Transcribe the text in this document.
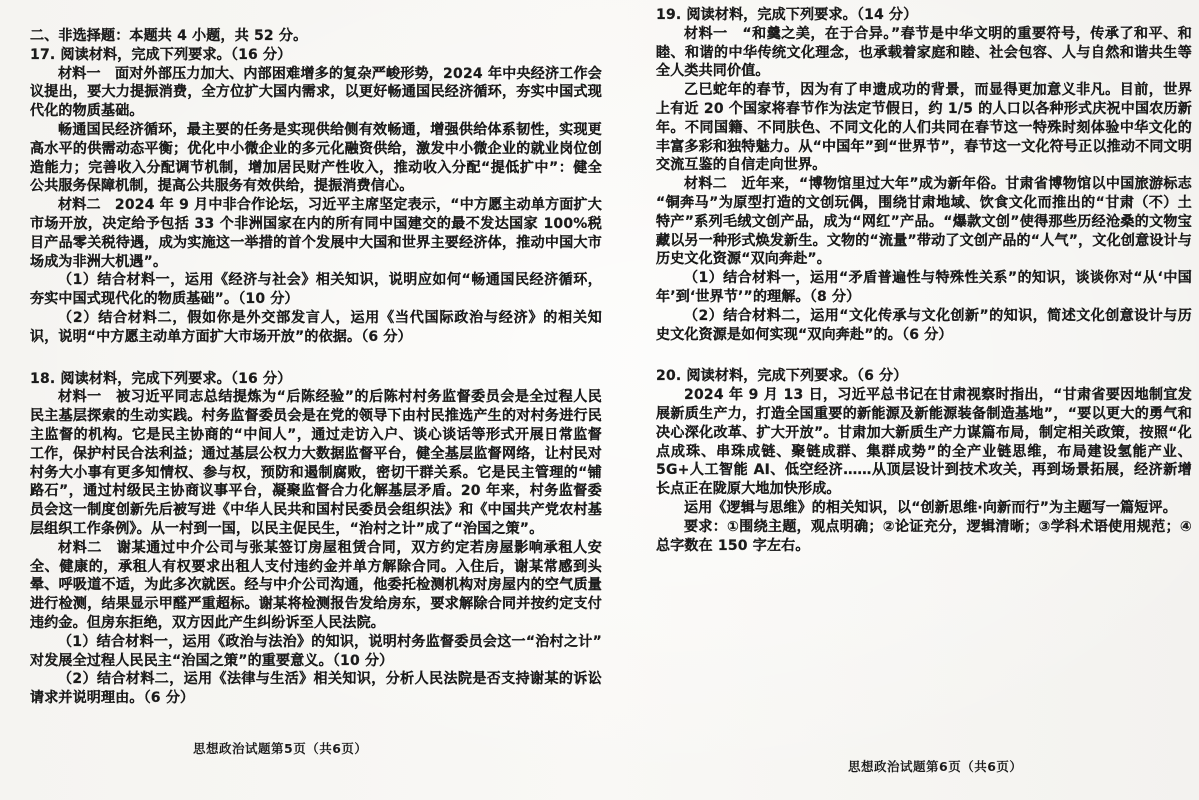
二、非选择题：本题共 4 小题，共 52 分。

17. 阅读材料，完成下列要求。（16 分）

材料一　面对外部压力加大、内部困难增多的复杂严峻形势，2024 年中央经济工作会议提出，要大力提振消费，全方位扩大国内需求，以更好畅通国民经济循环，夯实中国式现代化的物质基础。

畅通国民经济循环，最主要的任务是实现供给侧有效畅通，增强供给体系韧性，实现更高水平的供需动态平衡；优化中小微企业的多元化融资供给，激发中小微企业的就业岗位创造能力；完善收入分配调节机制，增加居民财产性收入，推动收入分配“提低扩中”：健全公共服务保障机制，提高公共服务有效供给，提振消费信心。

材料二　2024 年 9 月中非合作论坛，习近平主席坚定表示，“中方愿主动单方面扩大市场开放，决定给予包括 33 个非洲国家在内的所有同中国建交的最不发达国家 100%税目产品零关税待遇，成为实施这一举措的首个发展中大国和世界主要经济体，推动中国大市场成为非洲大机遇”。

（1）结合材料一，运用《经济与社会》相关知识，说明应如何“畅通国民经济循环，夯实中国式现代化的物质基础”。（10 分）

（2）结合材料二，假如你是外交部发言人，运用《当代国际政治与经济》的相关知识，说明“中方愿主动单方面扩大市场开放”的依据。（6 分）

18. 阅读材料，完成下列要求。（16 分）

材料一　被习近平同志总结提炼为“后陈经验”的后陈村村务监督委员会是全过程人民民主基层探索的生动实践。村务监督委员会是在党的领导下由村民推选产生的对村务进行民主监督的机构。它是民主协商的“中间人”，通过走访入户、谈心谈话等形式开展日常监督工作，保护村民合法利益；通过基层公权力大数据监督平台，健全基层监督网络，让村民对村务大小事有更多知情权、参与权，预防和遏制腐败，密切干群关系。它是民主管理的“铺路石”，通过村级民主协商议事平台，凝聚监督合力化解基层矛盾。20 年来，村务监督委员会这一制度创新先后被写进《中华人民共和国村民委员会组织法》和《中国共产党农村基层组织工作条例》。从一村到一国，以民主促民生，“治村之计”成了“治国之策”。

材料二　谢某通过中介公司与张某签订房屋租赁合同，双方约定若房屋影响承租人安全、健康的，承租人有权要求出租人支付违约金并单方解除合同。入住后，谢某常感到头晕、呼吸道不适，为此多次就医。经与中介公司沟通，他委托检测机构对房屋内的空气质量进行检测，结果显示甲醛严重超标。谢某将检测报告发给房东，要求解除合同并按约定支付违约金。但房东拒绝，双方因此产生纠纷诉至人民法院。

（1）结合材料一，运用《政治与法治》的知识，说明村务监督委员会这一“治村之计”对发展全过程人民民主“治国之策”的重要意义。（10 分）

（2）结合材料二，运用《法律与生活》相关知识，分析人民法院是否支持谢某的诉讼请求并说明理由。（6 分）

思想政治试题第5页（共6页）

19. 阅读材料，完成下列要求。（14 分）

材料一　“和羹之美，在于合异。”春节是中华文明的重要符号，传承了和平、和睦、和谐的中华传统文化理念，也承载着家庭和睦、社会包容、人与自然和谐共生等全人类共同价值。

乙巳蛇年的春节，因为有了申遗成功的背景，而显得更加意义非凡。目前，世界上有近 20 个国家将春节作为法定节假日，约 1/5 的人口以各种形式庆祝中国农历新年。不同国籍、不同肤色、不同文化的人们共同在春节这一特殊时刻体验中华文化的丰富多彩和独特魅力。从“中国年”到“世界节”，春节这一文化符号正以推动不同文明交流互鉴的自信走向世界。

材料二　近年来，“博物馆里过大年”成为新年俗。甘肃省博物馆以中国旅游标志“铜奔马”为原型打造的文创玩偶，围绕甘肃地域、饮食文化而推出的“甘肃（不）土特产”系列毛绒文创产品，成为“网红”产品。“爆款文创”使得那些历经沧桑的文物宝藏以另一种形式焕发新生。文物的“流量”带动了文创产品的“人气”，文化创意设计与历史文化资源“双向奔赴”。

（1）结合材料一，运用“矛盾普遍性与特殊性关系”的知识，谈谈你对“从‘中国年’到‘世界节’”的理解。（8 分）

（2）结合材料二，运用“文化传承与文化创新”的知识，简述文化创意设计与历史文化资源是如何实现“双向奔赴”的。（6 分）

20. 阅读材料，完成下列要求。（6 分）

2024 年 9 月 13 日，习近平总书记在甘肃视察时指出，“甘肃省要因地制宜发展新质生产力，打造全国重要的新能源及新能源装备制造基地”，“要以更大的勇气和决心深化改革、扩大开放”。甘肃加大新质生产力谋篇布局，制定相关政策，按照“化点成珠、串珠成链、聚链成群、集群成势”的全产业链思维，布局建设氢能产业、5G+人工智能 AI、低空经济……从顶层设计到技术攻关，再到场景拓展，经济新增长点正在陇原大地加快形成。

运用《逻辑与思维》的相关知识，以“创新思维·向新而行”为主题写一篇短评。

要求：①围绕主题，观点明确；②论证充分，逻辑清晰；③学科术语使用规范；④总字数在 150 字左右。

思想政治试题第6页（共6页）
